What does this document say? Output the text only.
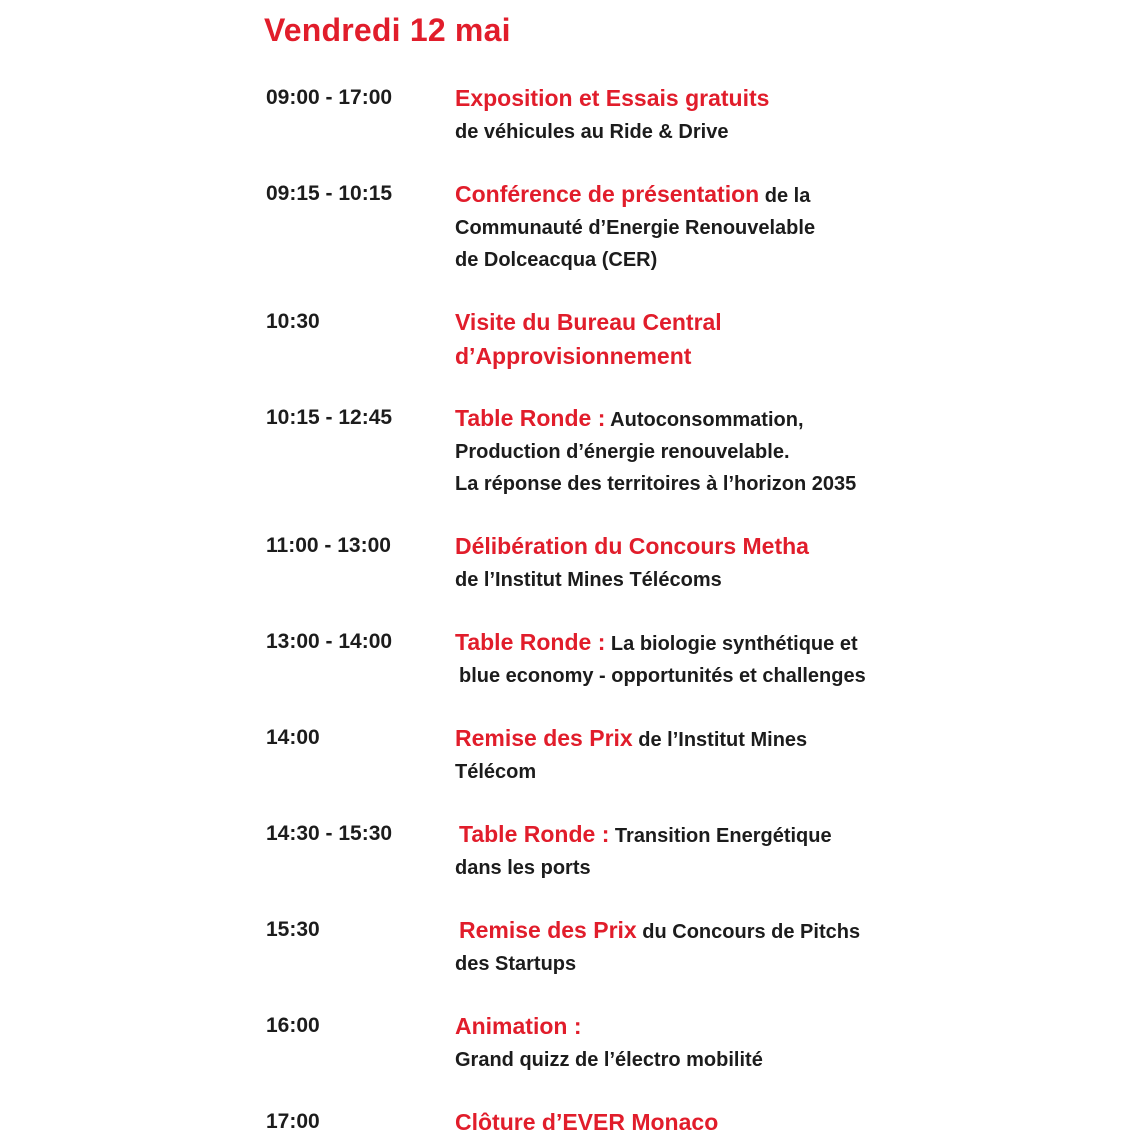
Vendredi 12 mai
09:00 - 17:00	Exposition et Essais gratuits
de véhicules au Ride & Drive
09:15 - 10:15	Conférence de présentation de la
Communauté d’Energie Renouvelable
de Dolceacqua (CER)
10:30	Visite du Bureau Central
d’Approvisionnement
10:15 - 12:45	Table Ronde : Autoconsommation,
Production d’énergie renouvelable.
La réponse des territoires à l’horizon 2035
11:00 - 13:00	Délibération du Concours Metha
de l’Institut Mines Télécoms
13:00 - 14:00	Table Ronde : La biologie synthétique et
blue economy - opportunités et challenges
14:00	Remise des Prix de l’Institut Mines
Télécom
14:30 - 15:30	Table Ronde : Transition Energétique
dans les ports
15:30	Remise des Prix du Concours de Pitchs
des Startups
16:00	Animation :
Grand quizz de l’électro mobilité
17:00	Clôture d’EVER Monaco
